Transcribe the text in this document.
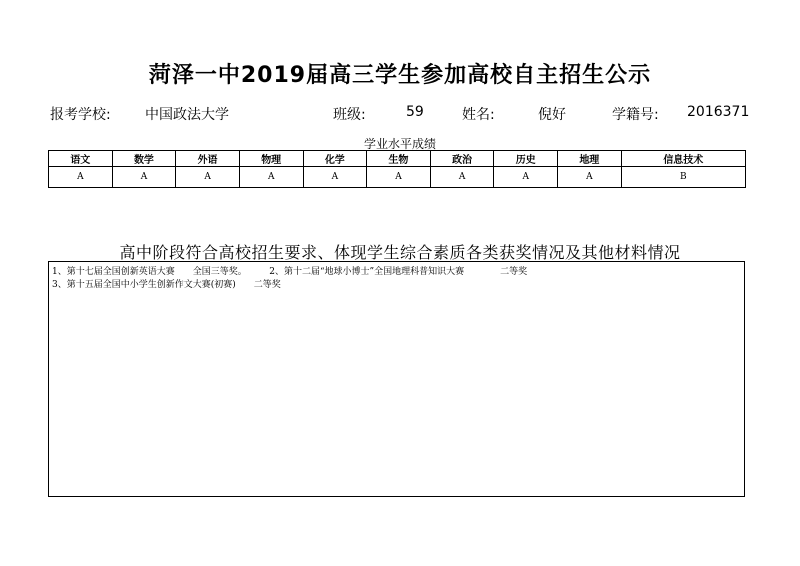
菏泽一中2019届高三学生参加高校自主招生公示
报考学校: 中国政法大学	班级:	59	姓名:	倪好	学籍号: 2016371
学业水平成绩
语文	数学	外语	物理	化学	生物	政治	历史	地理	信息技术
A	A	A	A	A	A	A	A	A	B
高中阶段符合高校招生要求、体现学生综合素质各类获奖情况及其他材料情况
1、第十七届全国创新英语大赛　　全国三等奖。　　　2、第十二届“地球小博士”全国地理科普知识大赛　　　　二等奖
3、第十五届全国中小学生创新作文大赛(初赛)　　二等奖
